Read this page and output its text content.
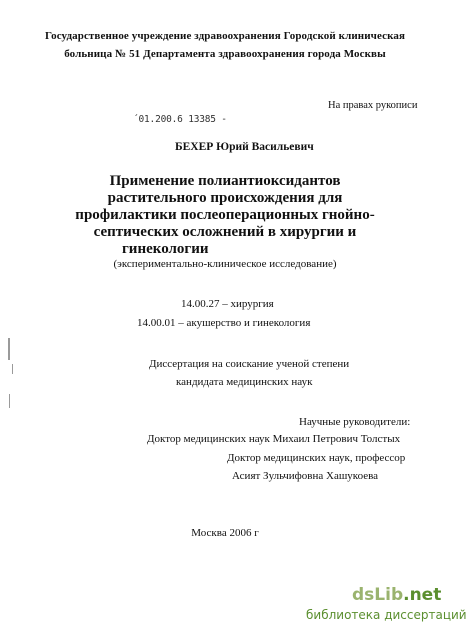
Государственное учреждение здравоохранения Городской клиническая
больница № 51 Департамента здравоохранения города Москвы
На правах рукописи
´01.200.6 13385 -
БЕХЕР Юрий Васильевич
Применение полиантиоксидантов
растительного происхождения для
профилактики послеоперационных гнойно-
септических осложнений в хирургии и
гинекологии
(экспериментально-клиническое исследование)
14.00.27 – хирургия
14.00.01 – акушерство и гинекология
Диссертация на соискание ученой степени
кандидата медицинских наук
Научные руководители:
Доктор медицинских наук Михаил Петрович Толстых
Доктор медицинских наук, профессор
Асият Зульчифовна Хашукоева
Москва 2006 г
dsLib.net
библиотека диссертаций
